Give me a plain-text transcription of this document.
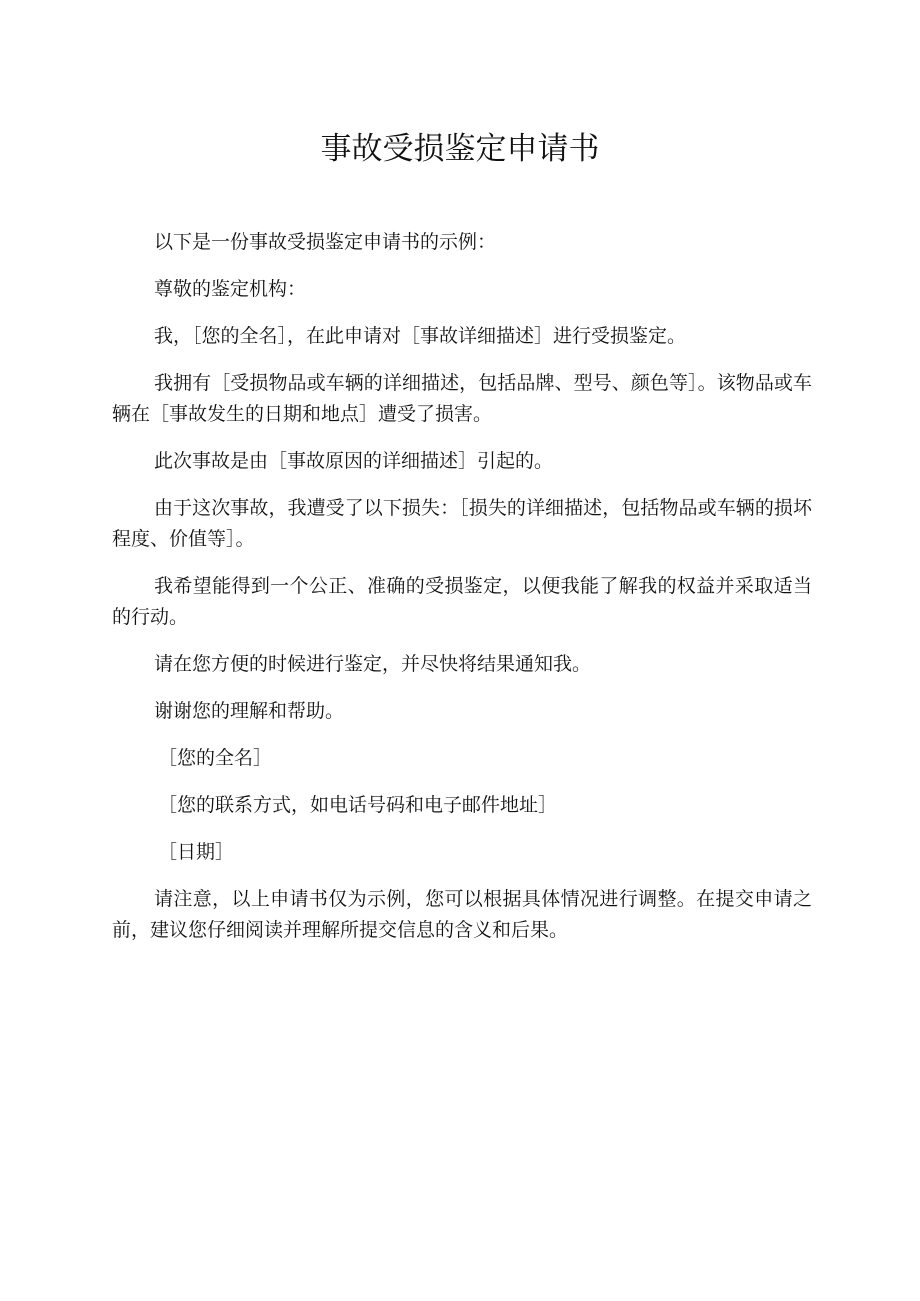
事故受损鉴定申请书

以下是一份事故受损鉴定申请书的示例：

尊敬的鉴定机构：

我，［您的全名］，在此申请对［事故详细描述］进行受损鉴定。

我拥有［受损物品或车辆的详细描述，包括品牌、型号、颜色等］。该物品或车辆在［事故发生的日期和地点］遭受了损害。

此次事故是由［事故原因的详细描述］引起的。

由于这次事故，我遭受了以下损失：［损失的详细描述，包括物品或车辆的损坏程度、价值等］。

我希望能得到一个公正、准确的受损鉴定，以便我能了解我的权益并采取适当的行动。

请在您方便的时候进行鉴定，并尽快将结果通知我。

谢谢您的理解和帮助。

［您的全名］

［您的联系方式，如电话号码和电子邮件地址］

［日期］

请注意，以上申请书仅为示例，您可以根据具体情况进行调整。在提交申请之前，建议您仔细阅读并理解所提交信息的含义和后果。
